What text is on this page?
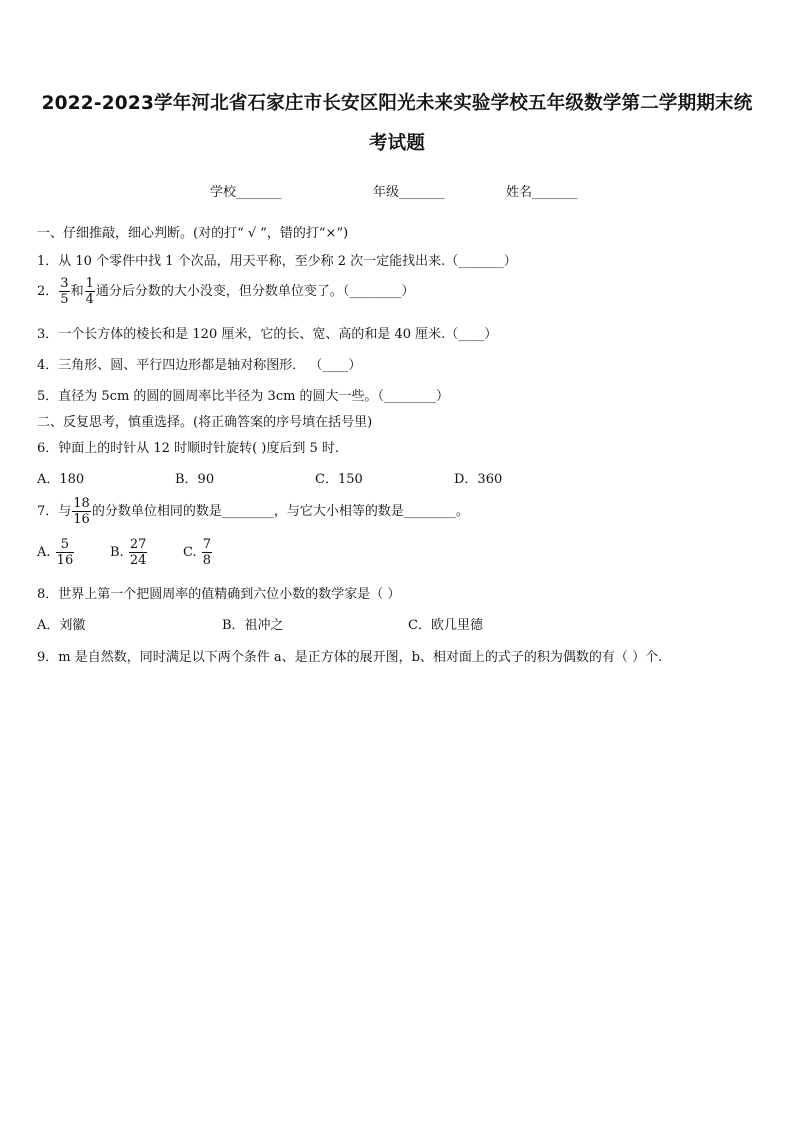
2022-2023学年河北省石家庄市长安区阳光未来实验学校五年级数学第二学期期末统
考试题
学校_______	年级_______	姓名_______
一、仔细推敲，细心判断。(对的打“ √ ”，错的打“×”)
1．从 10 个零件中找 1 个次品，用天平称，至少称 2 次一定能找出来.（_______）
2． $\frac{3}{5}$ 和 $\frac{1}{4}$ 通分后分数的大小没变，但分数单位变了。（________）
3．一个长方体的棱长和是 120 厘米，它的长、宽、高的和是 40 厘米.（____）
4．三角形、圆、平行四边形都是轴对称图形． （____）
5．直径为 5cm 的圆的圆周率比半径为 3cm 的圆大一些。（________）
二、反复思考，慎重选择。(将正确答案的序号填在括号里)
6．钟面上的时针从 12 时顺时针旋转( )度后到 5 时.
A．180	B．90	C．150	D．360
7．与 $\frac{18}{16}$ 的分数单位相同的数是________，与它大小相等的数是________。
A. $\frac{5}{16}$	B. $\frac{27}{24}$	C. $\frac{7}{8}$
8．世界上第一个把圆周率的值精确到六位小数的数学家是（ ）
A．刘徽	B．祖冲之	C．欧几里德
9．m 是自然数，同时满足以下两个条件 a、是正方体的展开图，b、相对面上的式子的积为偶数的有（ ）个.
